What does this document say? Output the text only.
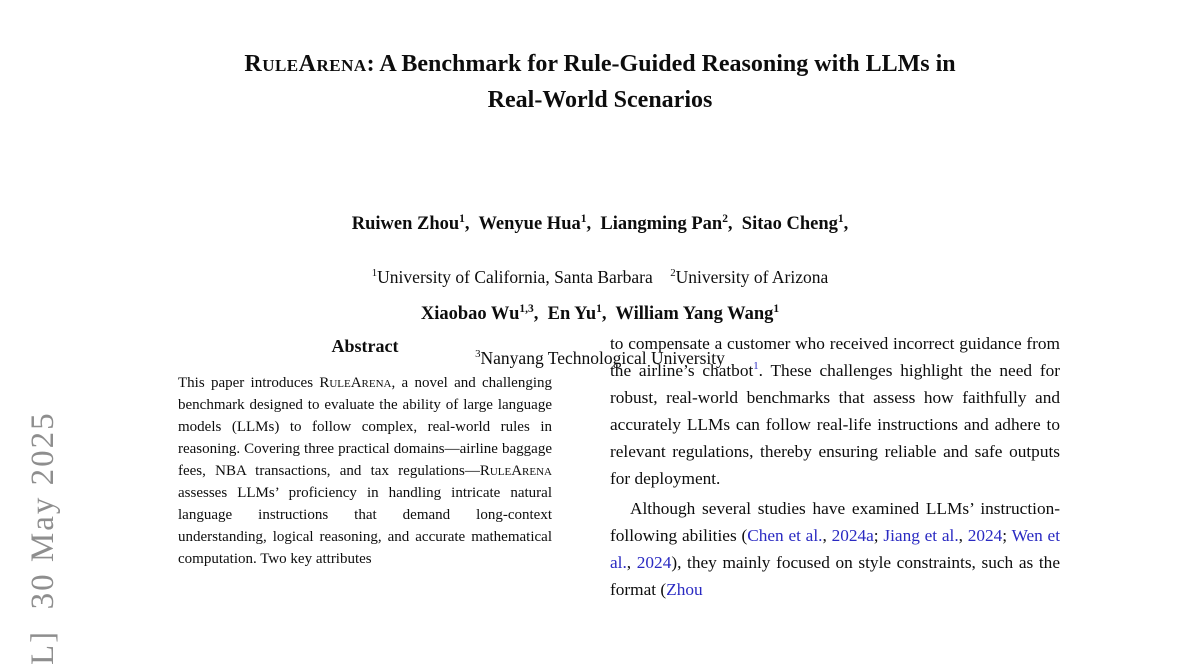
L]  30 May 2025
RuleArena: A Benchmark for Rule-Guided Reasoning with LLMs in
Real-World Scenarios

Ruiwen Zhou$^1$,  Wenyue Hua$^1$,  Liangming Pan$^2$,  Sitao Cheng$^1$,

Xiaobao Wu$^{1,3}$,  En Yu$^1$,  William Yang Wang$^1$

$^1$University of California, Santa Barbara   $^2$University of Arizona

$^3$Nanyang Technological University

Abstract

This paper introduces RuleArena, a novel and challenging benchmark designed to evaluate the ability of large language models (LLMs) to follow complex, real-world rules in reasoning. Covering three practical domains—airline baggage fees, NBA transactions, and tax regulations—RuleArena assesses LLMs’ proficiency in handling intricate natural language instructions that demand long-context understanding, logical reasoning, and accurate mathematical computation. Two key attributes

to compensate a customer who received incorrect guidance from the airline’s chatbot$^1$. These challenges highlight the need for robust, real-world benchmarks that assess how faithfully and accurately LLMs can follow real-life instructions and adhere to relevant regulations, thereby ensuring reliable and safe outputs for deployment.

Although several studies have examined LLMs’ instruction-following abilities (Chen et al., 2024a; Jiang et al., 2024; Wen et al., 2024), they mainly focused on style constraints, such as the format (Zhou
